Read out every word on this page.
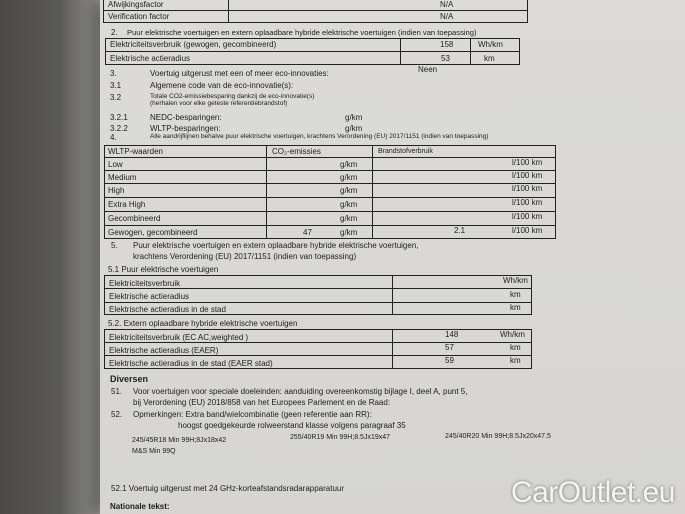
Afwijkingsfactor	N/A
Verification factor	N/A
2. Puur elektrische voertuigen en extern oplaadbare hybride elektrische voertuigen (indien van toepassing)
Elektriciteitsverbruik (gewogen, gecombineerd)	158	Wh/km
Elektrische actieradius	53	km
Neen
3.	Voertuig uitgerust met een of meer eco-innovaties:
3.1	Algemene code van de eco-innovatie(s):
3.2	Totale CO2-emissiebesparing dankzij de eco-innovatie(s)
(herhalen voor elke geteste referentiebrandstof)
3.2.1	NEDC-besparingen:	g/km
3.2.2	WLTP-besparingen:	g/km
4.	Alle aandrijflijnen behalve puur elektrische voertuigen, krachtens Verordening (EU) 2017/1151 (indien van toepassing)
WLTP-waarden	CO₂-emissies	Brandstofverbruik
Low	g/km	l/100 km
Medium	g/km	l/100 km
High	g/km	l/100 km
Extra High	g/km	l/100 km
Gecombineerd	g/km	l/100 km
Gewogen, gecombineerd	47	g/km	2.1	l/100 km
5. Puur elektrische voertuigen en extern oplaadbare hybride elektrische voertuigen,
krachtens Verordening (EU) 2017/1151 (indien van toepassing)
5.1 Puur elektrische voertuigen
Elektriciteitsverbruik	Wh/km
Elektrische actieradius	km
Elektrische actieradius in de stad	km
5.2. Extern oplaadbare hybride elektrische voertuigen
Elektriciteitsverbruik (EC AC,weighted )	148	Wh/km
Elektrische actieradius (EAER)	57	km
Elektrische actieradius in de stad (EAER stad)	59	km
Diversen
51. Voor voertuigen voor speciale doeleinden: aanduiding overeenkomstig bijlage I, deel A, punt 5,
bij Verordening (EU) 2018/858 van het Europees Parlement en de Raad:
52. Opmerkingen: Extra band/wielcombinatie (geen referentie aan RR):
hoogst goedgekeurde rolweerstand klasse volgens paragraaf 35
245/45R18 Min 99H;8Jx18x42	255/40R19 Min 99H;8.5Jx19x47	245/40R20 Min 99H;8.5Jx20x47.5
M&S Min 99Q
52.1 Voertuig uitgerust met 24 GHz-korteafstandsradarapparatuur
Nationale tekst:	CarOutlet.eu
